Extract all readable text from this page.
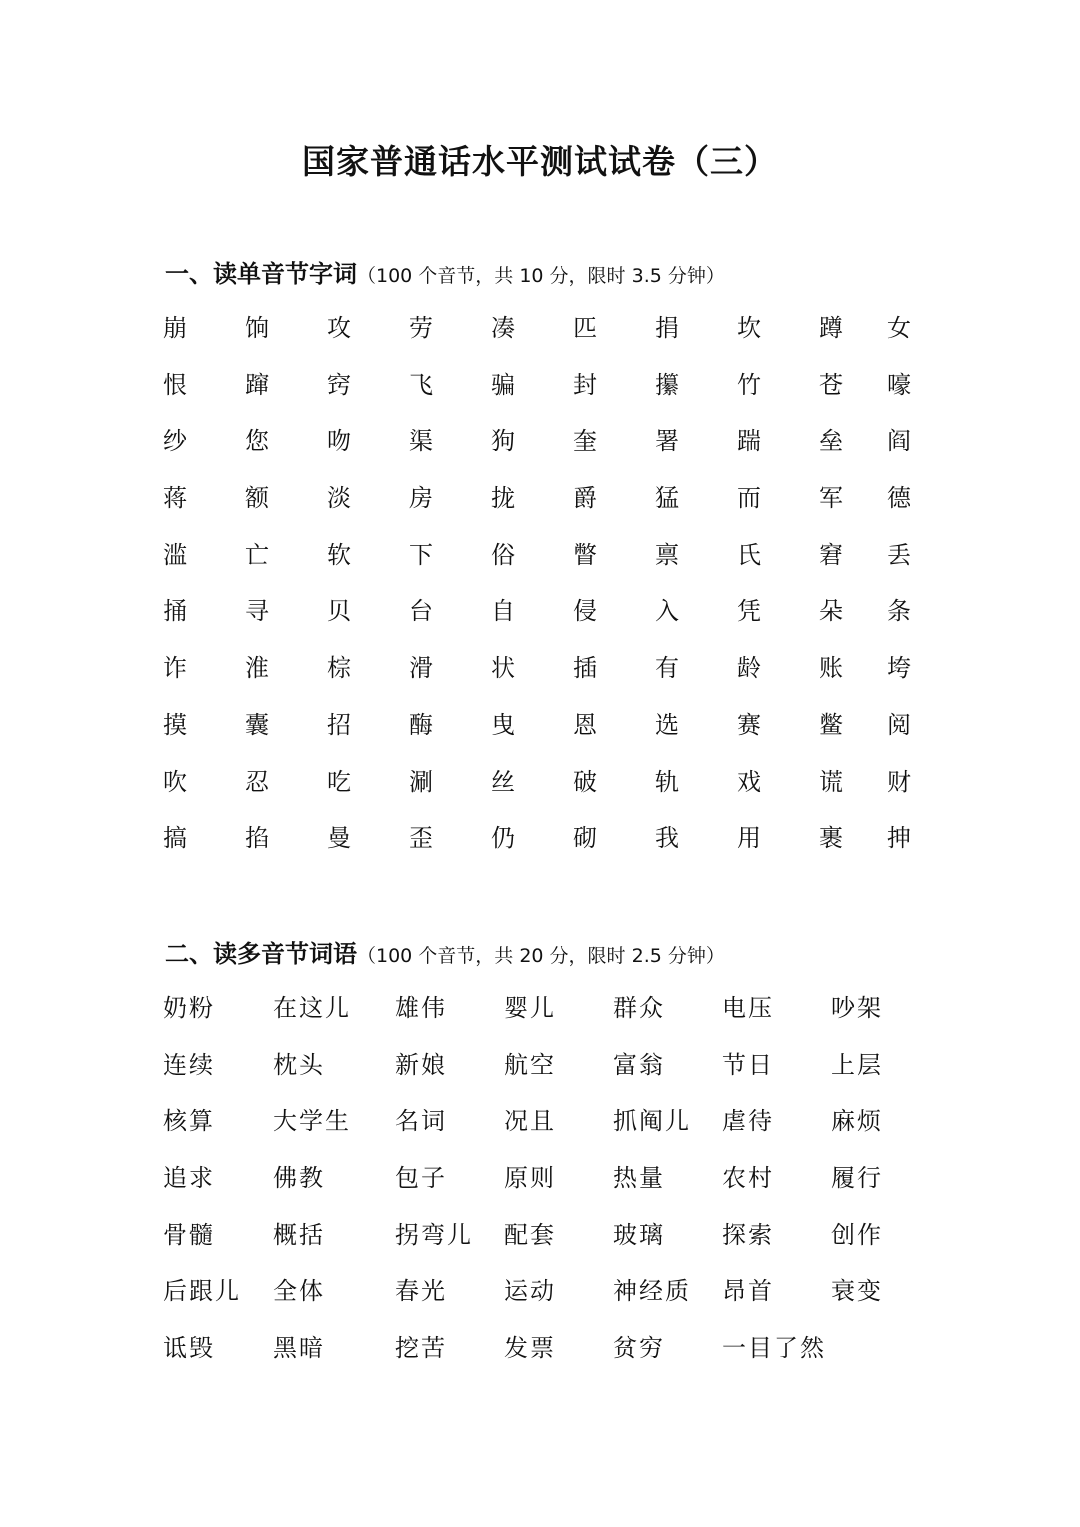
国家普通话水平测试试卷（三）
一、读单音节字词（100 个音节，共 10 分，限时 3.5 分钟）
崩	饷	攻	劳	凑	匹	捐	坎	蹲	女
恨	蹿	窍	飞	骗	封	攥	竹	苍	嚎
纱	您	吻	渠	狗	奎	署	踹	垒	阎
蒋	额	淡	房	拢	爵	猛	而	军	德
滥	亡	软	下	俗	瞥	禀	氏	窘	丢
捅	寻	贝	台	自	侵	入	凭	朵	条
诈	淮	棕	滑	状	插	有	龄	账	垮
摸	囊	招	酶	曳	恩	选	赛	鳖	阅
吹	忍	吃	涮	丝	破	轨	戏	谎	财
搞	掐	曼	歪	仍	砌	我	用	裹	抻
二、读多音节词语（100 个音节，共 20 分，限时 2.5 分钟）
奶粉 在这儿 雄伟 婴儿 群众 电压 吵架
连续 枕头	新娘 航空 富翁 节日 上层
核算 大学生 名词 况且 抓阄儿 虐待 麻烦
追求 佛教	包子 原则 热量 农村 履行
骨髓 概括	拐弯儿 配套 玻璃 探索 创作
后跟儿 全体	春光 运动 神经质 昂首 衰变
诋毁 黑暗	挖苦 发票 贫穷 一目了然
